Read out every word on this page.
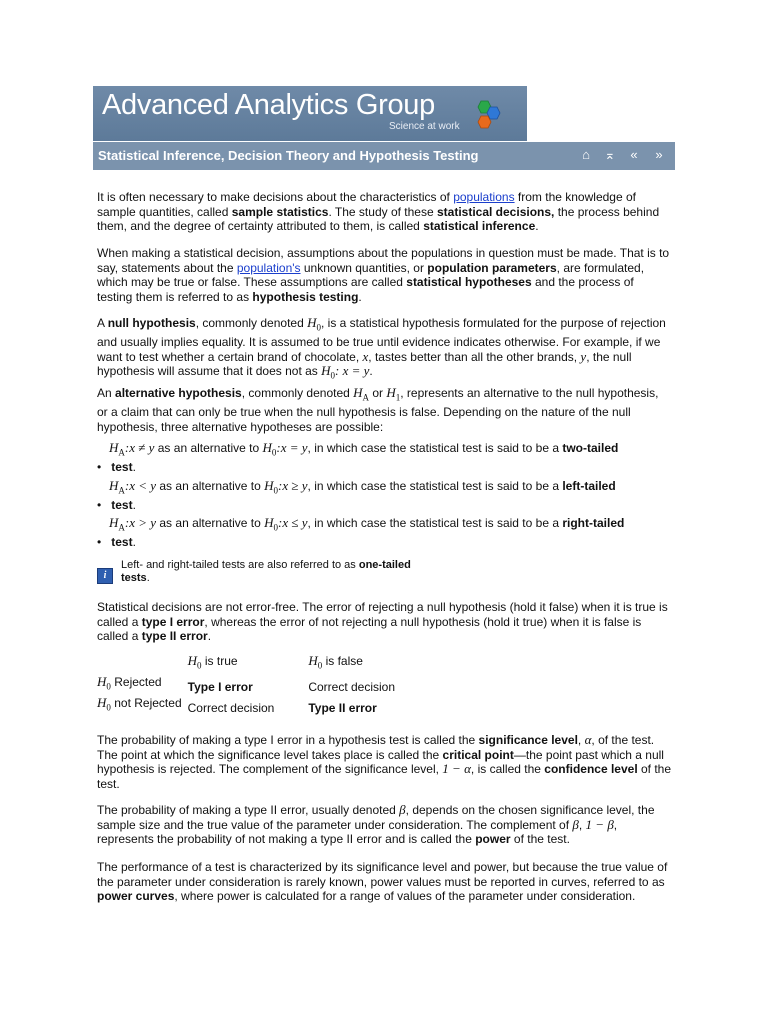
Advanced Analytics Group
Science at work
Statistical Inference, Decision Theory and Hypothesis Testing	⌂	⌅	«	»

It is often necessary to make decisions about the characteristics of populations from the knowledge of sample quantities, called sample statistics. The study of these statistical decisions, the process behind them, and the degree of certainty attributed to them, is called statistical inference.

When making a statistical decision, assumptions about the populations in question must be made. That is to say, statements about the population's unknown quantities, or population parameters, are formulated, which may be true or false. These assumptions are called statistical hypotheses and the process of testing them is referred to as hypothesis testing.

A null hypothesis, commonly denoted $H_0$, is a statistical hypothesis formulated for the purpose of rejection and usually implies equality. It is assumed to be true until evidence indicates otherwise. For example, if we want to test whether a certain brand of chocolate, x, tastes better than all the other brands, y, the null hypothesis will assume that it does not as $H_0$: x = y.

An alternative hypothesis, commonly denoted $H_A$ or $H_1$, represents an alternative to the null hypothesis, or a claim that can only be true when the null hypothesis is false. Depending on the nature of the null hypothesis, three alternative hypotheses are possible:

$H_A:x \ne y$ as an alternative to $H_0:x = y$, in which case the statistical test is said to be a two-tailed
• test.
$H_A:x < y$ as an alternative to $H_0:x \ge y$, in which case the statistical test is said to be a left-tailed
• test.
$H_A:x > y$ as an alternative to $H_0:x \le y$, in which case the statistical test is said to be a right-tailed
• test.
i
Left- and right-tailed tests are also referred to as one-tailed tests.

Statistical decisions are not error-free. The error of rejecting a null hypothesis (hold it false) when it is true is called a type I error, whereas the error of not rejecting a null hypothesis (hold it true) when it is false is called a type II error.

	$H_0$ is true	$H_0$ is false
$H_0$ Rejected	Type I error	Correct decision
$H_0$ not Rejected	Correct decision	Type II error

The probability of making a type I error in a hypothesis test is called the significance level, α, of the test. The point at which the significance level takes place is called the critical point—the point past which a null hypothesis is rejected. The complement of the significance level, 1 − α, is called the confidence level of the test.

The probability of making a type II error, usually denoted β, depends on the chosen significance level, the sample size and the true value of the parameter under consideration. The complement of β, 1 − β, represents the probability of not making a type II error and is called the power of the test.

The performance of a test is characterized by its significance level and power, but because the true value of the parameter under consideration is rarely known, power values must be reported in curves, referred to as power curves, where power is calculated for a range of values of the parameter under consideration.
